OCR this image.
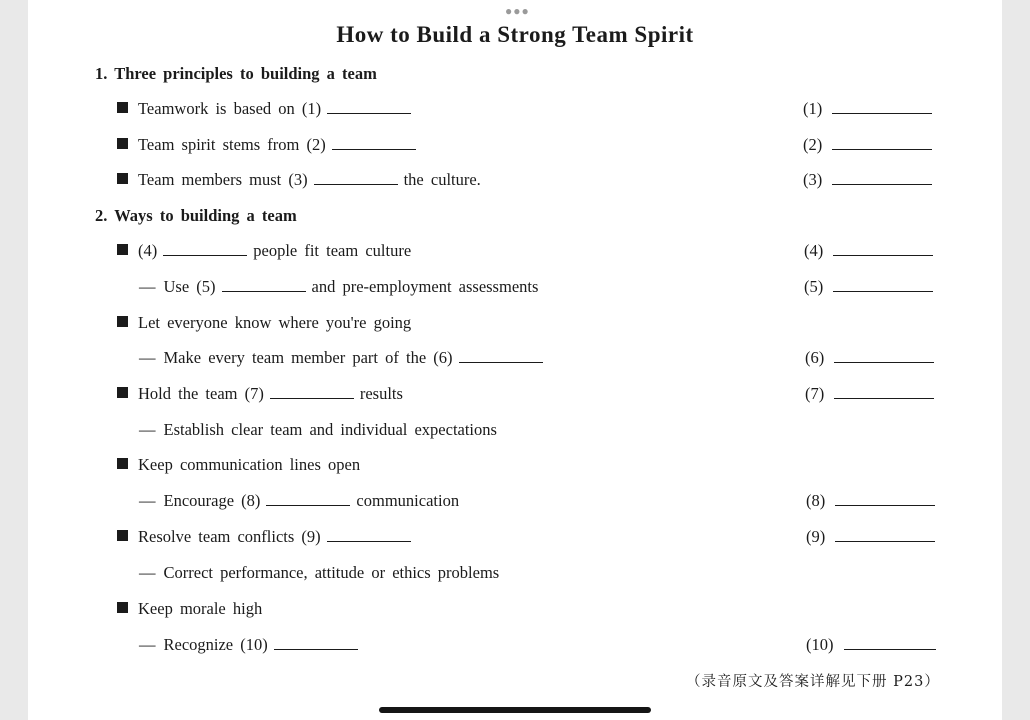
●●●
How to Build a Strong Team Spirit
1. Three principles to building a team
Teamwork is based on (1)
Team spirit stems from (2)
Team members must (3)	the culture.
2. Ways to building a team
(4)	people fit team culture
— Use (5)	and pre-employment assessments
Let everyone know where you're going
— Make every team member part of the (6)
Hold the team (7)	results
— Establish clear team and individual expectations
Keep communication lines open
— Encourage (8)	communication
Resolve team conflicts (9)
— Correct performance, attitude or ethics problems
Keep morale high
— Recognize (10)
(1)
(2)
(3)
(4)
(5)
(6)
(7)
(8)
(9)
(10)
（录音原文及答案详解见下册 P23）
